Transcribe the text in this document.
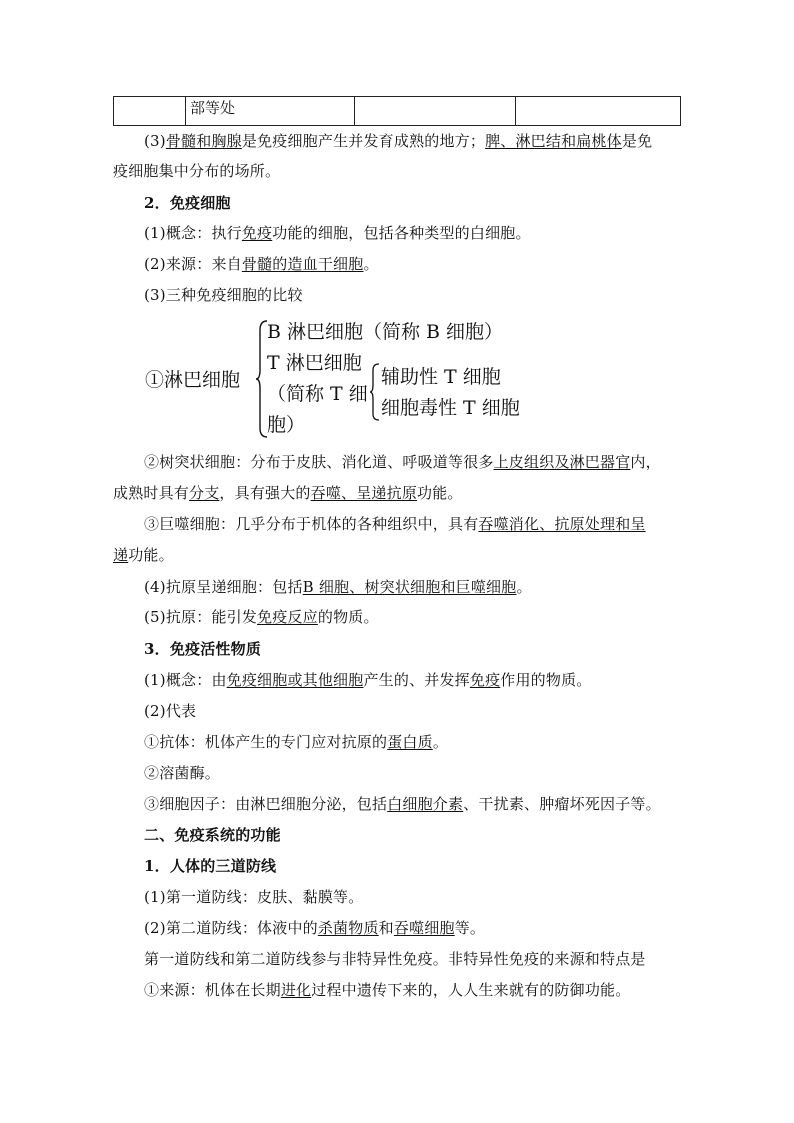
	部等处		
(3)骨髓和胸腺是免疫细胞产生并发育成熟的地方；脾、淋巴结和扁桃体是免
疫细胞集中分布的场所。
2．免疫细胞
(1)概念：执行免疫功能的细胞，包括各种类型的白细胞。
(2)来源：来自骨髓的造血干细胞。
(3)三种免疫细胞的比较
①淋巴细胞
B 淋巴细胞（简称 B 细胞）
T 淋巴细胞
（简称 T 细
胞）
辅助性 T 细胞
细胞毒性 T 细胞
②树突状细胞：分布于皮肤、消化道、呼吸道等很多上皮组织及淋巴器官内，
成熟时具有分支，具有强大的吞噬、呈递抗原功能。
③巨噬细胞：几乎分布于机体的各种组织中，具有吞噬消化、抗原处理和呈
递功能。
(4)抗原呈递细胞：包括B 细胞、树突状细胞和巨噬细胞。
(5)抗原：能引发免疫反应的物质。
3．免疫活性物质
(1)概念：由免疫细胞或其他细胞产生的、并发挥免疫作用的物质。
(2)代表
①抗体：机体产生的专门应对抗原的蛋白质。
②溶菌酶。
③细胞因子：由淋巴细胞分泌，包括白细胞介素、干扰素、肿瘤坏死因子等。
二、免疫系统的功能
1．人体的三道防线
(1)第一道防线：皮肤、黏膜等。
(2)第二道防线：体液中的杀菌物质和吞噬细胞等。
第一道防线和第二道防线参与非特异性免疫。非特异性免疫的来源和特点是
①来源：机体在长期进化过程中遗传下来的，人人生来就有的防御功能。
